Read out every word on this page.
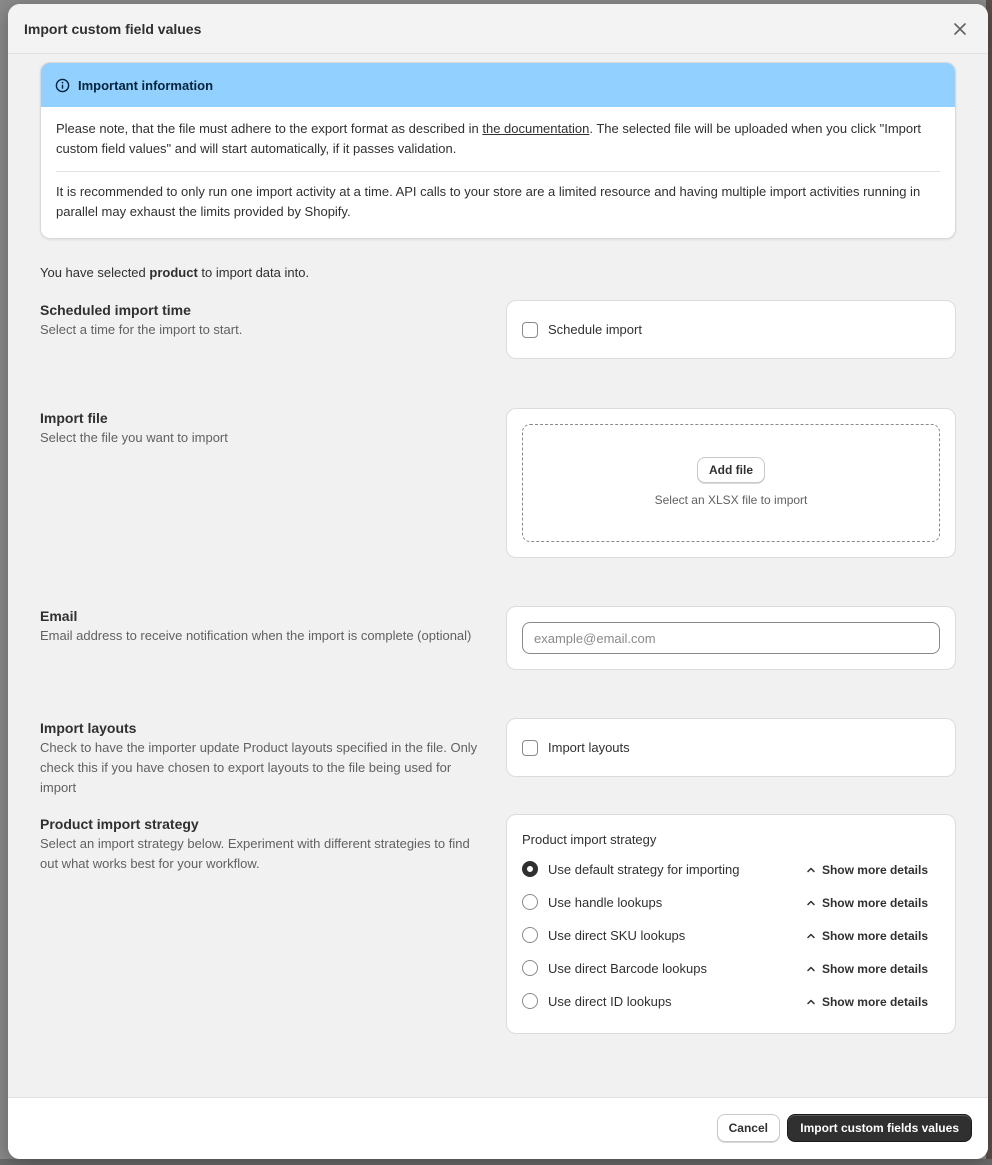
Import custom field values
Important information

Please note, that the file must adhere to the export format as described in the documentation. The selected file will be uploaded when you click "Import custom field values" and will start automatically, if it passes validation.

It is recommended to only run one import activity at a time. API calls to your store are a limited resource and having multiple import activities running in parallel may exhaust the limits provided by Shopify.

You have selected product to import data into.
Scheduled import time
Select a time for the import to start.	Schedule import
Import file
Select the file you want to import
Add file
Select an XLSX file to import
Email
Email address to receive notification when the import is complete (optional)
example@email.com
Import layouts
Check to have the importer update Product layouts specified in the file. Only check this if you have chosen to export layouts to the file being used for import
Import layouts
Product import strategy
Select an import strategy below. Experiment with different strategies to find out what works best for your workflow.
Product import strategy
Use default strategy for importing	Show more details
Use handle lookups	Show more details
Use direct SKU lookups	Show more details
Use direct Barcode lookups	Show more details
Use direct ID lookups	Show more details
Cancel	Import custom fields values
